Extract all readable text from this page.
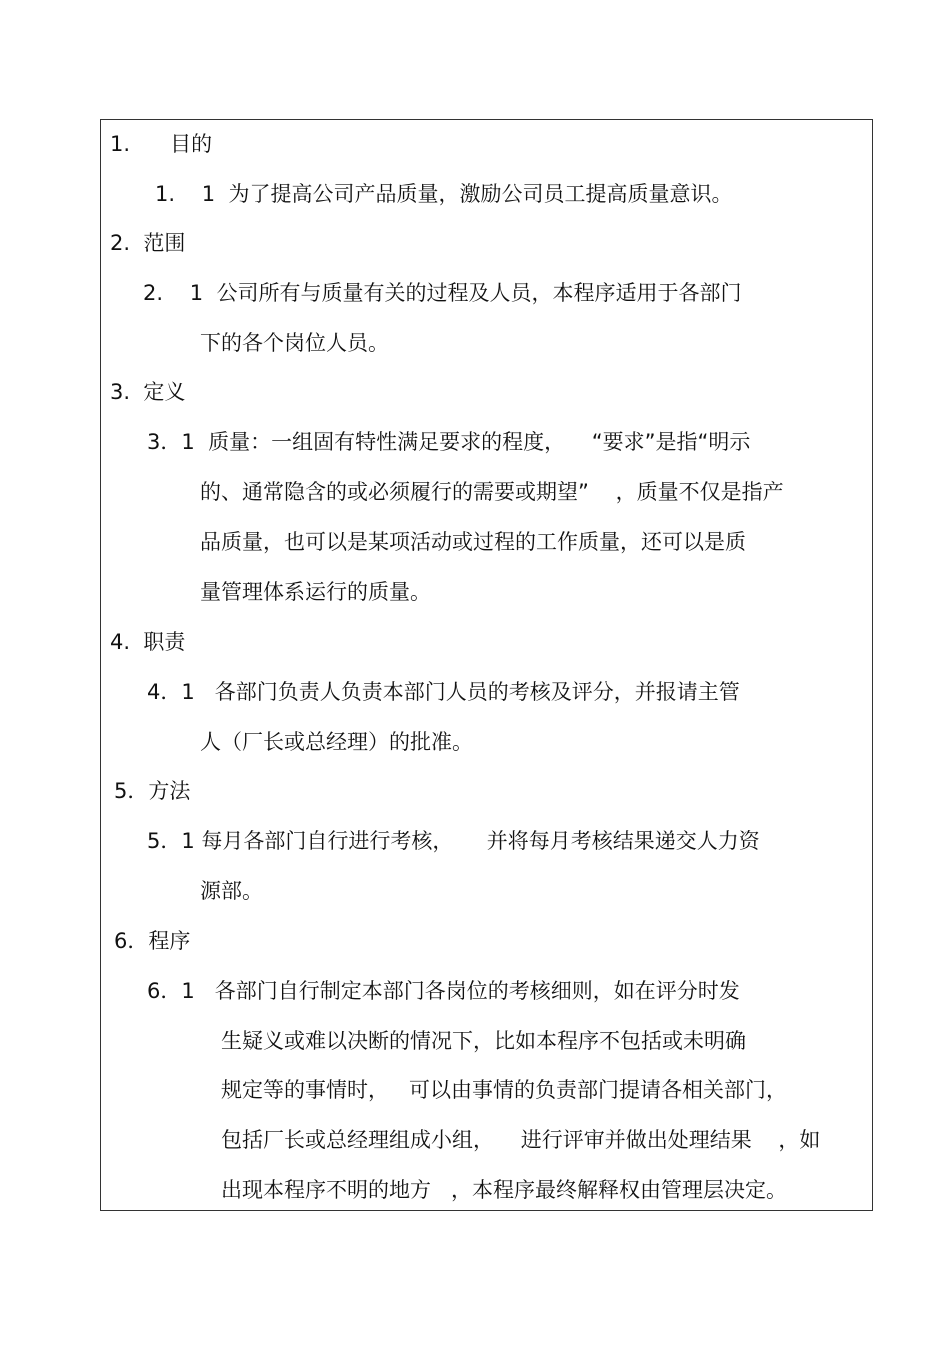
1.      目的

1.    1  为了提高公司产品质量，激励公司员工提高质量意识。

2.  范围

2.    1  公司所有与质量有关的过程及人员，本程序适用于各部门

下的各个岗位人员。

3.  定义

3．1  质量：一组固有特性满足要求的程度，    “要求”是指“明示

的、通常隐含的或必须履行的需要或期望”    ，质量不仅是指产

品质量，也可以是某项活动或过程的工作质量，还可以是质

量管理体系运行的质量。

4.  职责

4．1   各部门负责人负责本部门人员的考核及评分，并报请主管

人（厂长或总经理）的批准。

5．方法

5．1 每月各部门自行进行考核，     并将每月考核结果递交人力资

源部。

6．程序

6．1   各部门自行制定本部门各岗位的考核细则，如在评分时发

生疑义或难以决断的情况下，比如本程序不包括或未明确

规定等的事情时，   可以由事情的负责部门提请各相关部门，

包括厂长或总经理组成小组，    进行评审并做出处理结果    ，如

出现本程序不明的地方   ，本程序最终解释权由管理层决定。
